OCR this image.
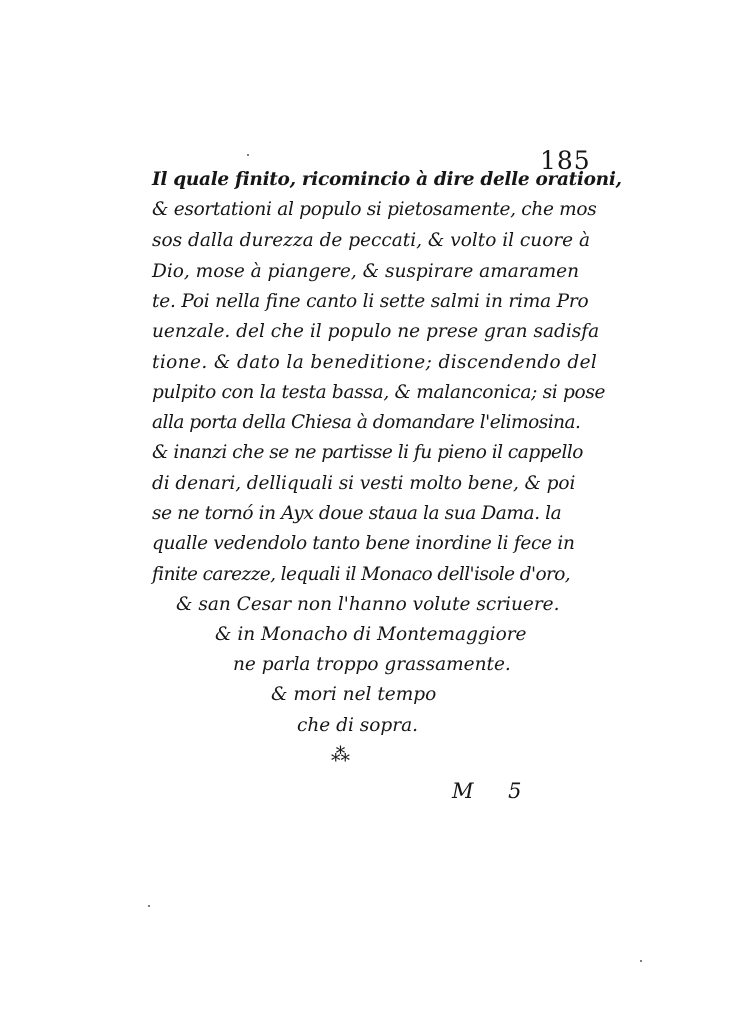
185
Il quale finito, ricomincio à dire delle orationi,
& esortationi al populo si pietosamente, che mos
sos dalla durezza de peccati, & volto il cuore à
Dio, mose à piangere, & suspirare amaramen
te. Poi nella fine canto li sette salmi in rima Pro
uenzale. del che il populo ne prese gran sadisfa
tione. & dato la beneditione; discendendo del
pulpito con la testa bassa, & malanconica; si pose
alla porta della Chiesa à domandare l'elimosina.
& inanzi che se ne partisse li fu pieno il cappello
di denari, delliquali si vesti molto bene, & poi
se ne tornó in Ayx doue staua la sua Dama. la
qualle vedendolo tanto bene inordine li fece in
finite carezze, lequali il Monaco dell'isole d'oro,
& san Cesar non l'hanno volute scriuere.
& in Monacho di Montemaggiore
ne parla troppo grassamente.
& mori nel tempo
che di sopra.
⁂
M 5
